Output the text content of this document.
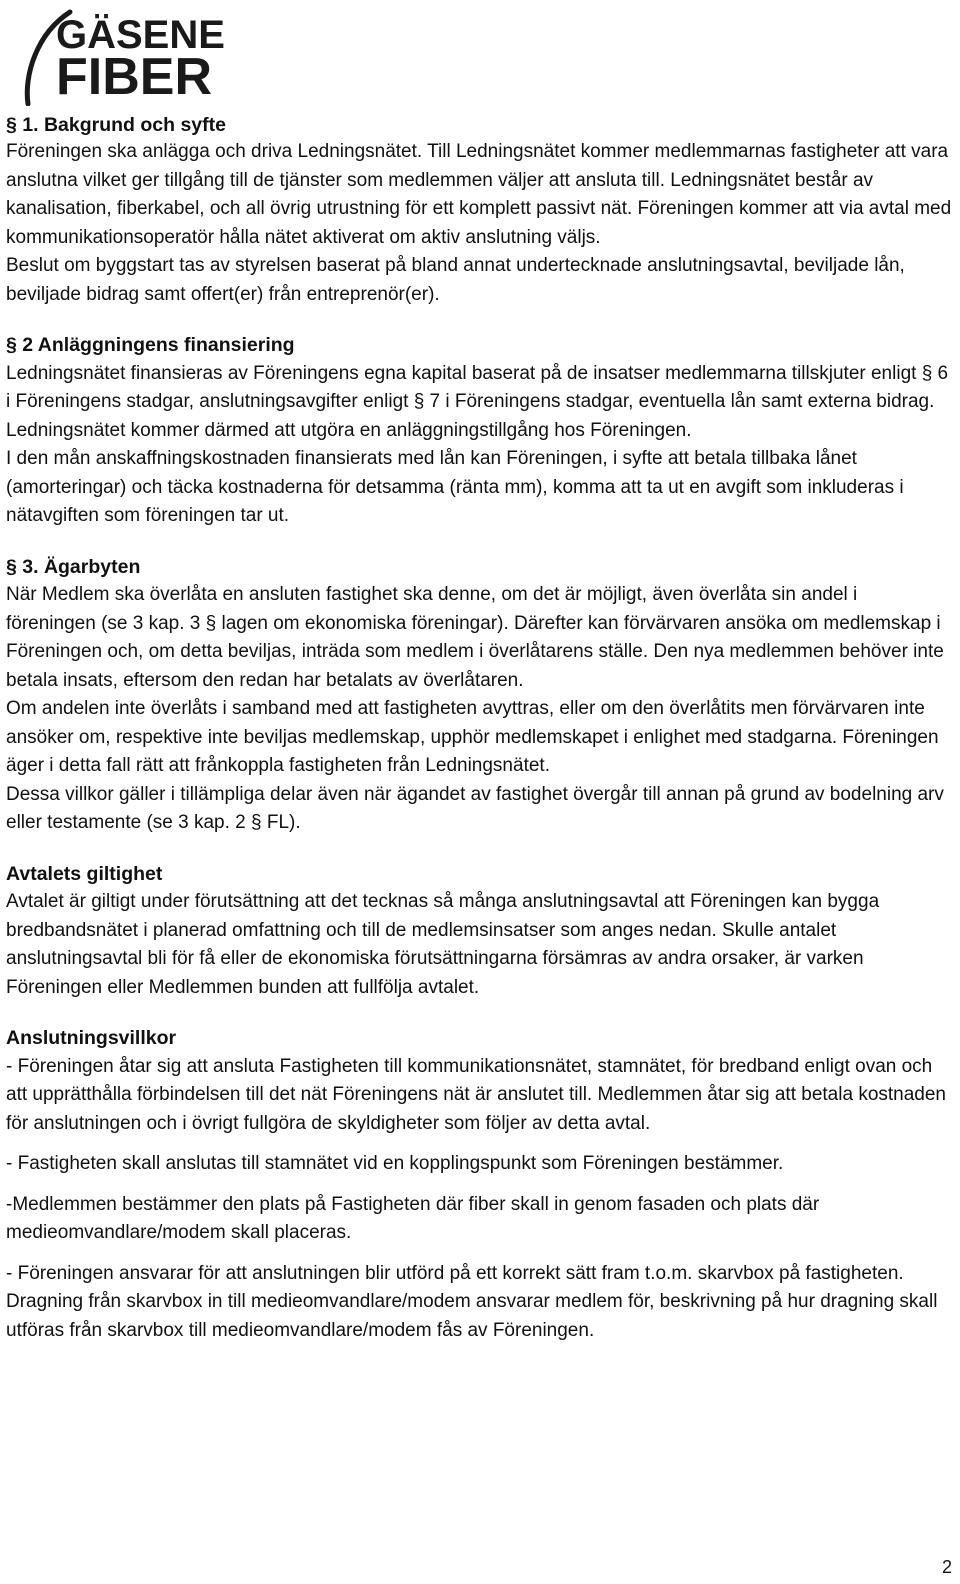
GÄSENE
FIBER

§ 1. Bakgrund och syfte

Föreningen ska anlägga och driva Ledningsnätet. Till Ledningsnätet kommer medlemmarnas fastigheter att vara anslutna vilket ger tillgång till de tjänster som medlemmen väljer att ansluta till. Ledningsnätet består av kanalisation, fiberkabel, och all övrig utrustning för ett komplett passivt nät. Föreningen kommer att via avtal med kommunikationsoperatör hålla nätet aktiverat om aktiv anslutning väljs.

Beslut om byggstart tas av styrelsen baserat på bland annat undertecknade anslutningsavtal, beviljade lån, beviljade bidrag samt offert(er) från entreprenör(er).

§ 2 Anläggningens finansiering

Ledningsnätet finansieras av Föreningens egna kapital baserat på de insatser medlemmarna tillskjuter enligt § 6 i Föreningens stadgar, anslutningsavgifter enligt § 7 i Föreningens stadgar, eventuella lån samt externa bidrag. Ledningsnätet kommer därmed att utgöra en anläggningstillgång hos Föreningen.

I den mån anskaffningskostnaden finansierats med lån kan Föreningen, i syfte att betala tillbaka lånet (amorteringar) och täcka kostnaderna för detsamma (ränta mm), komma att ta ut en avgift som inkluderas i nätavgiften som föreningen tar ut.

§ 3. Ägarbyten

När Medlem ska överlåta en ansluten fastighet ska denne, om det är möjligt, även överlåta sin andel i föreningen (se 3 kap. 3 § lagen om ekonomiska föreningar). Därefter kan förvärvaren ansöka om medlemskap i Föreningen och, om detta beviljas, inträda som medlem i överlåtarens ställe. Den nya medlemmen behöver inte betala insats, eftersom den redan har betalats av överlåtaren.

Om andelen inte överlåts i samband med att fastigheten avyttras, eller om den överlåtits men förvärvaren inte ansöker om, respektive inte beviljas medlemskap, upphör medlemskapet i enlighet med stadgarna. Föreningen äger i detta fall rätt att frånkoppla fastigheten från Ledningsnätet.

Dessa villkor gäller i tillämpliga delar även när ägandet av fastighet övergår till annan på grund av bodelning arv eller testamente (se 3 kap. 2 § FL).

Avtalets giltighet

Avtalet är giltigt under förutsättning att det tecknas så många anslutningsavtal att Föreningen kan bygga bredbandsnätet i planerad omfattning och till de medlemsinsatser som anges nedan. Skulle antalet anslutningsavtal bli för få eller de ekonomiska förutsättningarna försämras av andra orsaker, är varken Föreningen eller Medlemmen bunden att fullfölja avtalet.

Anslutningsvillkor

- Föreningen åtar sig att ansluta Fastigheten till kommunikationsnätet, stamnätet, för bredband enligt ovan och att upprätthålla förbindelsen till det nät Föreningens nät är anslutet till. Medlemmen åtar sig att betala kostnaden för anslutningen och i övrigt fullgöra de skyldigheter som följer av detta avtal.

- Fastigheten skall anslutas till stamnätet vid en kopplingspunkt som Föreningen bestämmer.

-Medlemmen bestämmer den plats på Fastigheten där fiber skall in genom fasaden och plats där medieomvandlare/modem skall placeras.

- Föreningen ansvarar för att anslutningen blir utförd på ett korrekt sätt fram t.o.m. skarvbox på fastigheten. Dragning från skarvbox in till medieomvandlare/modem ansvarar medlem för, beskrivning på hur dragning skall utföras från skarvbox till medieomvandlare/modem fås av Föreningen.

2
